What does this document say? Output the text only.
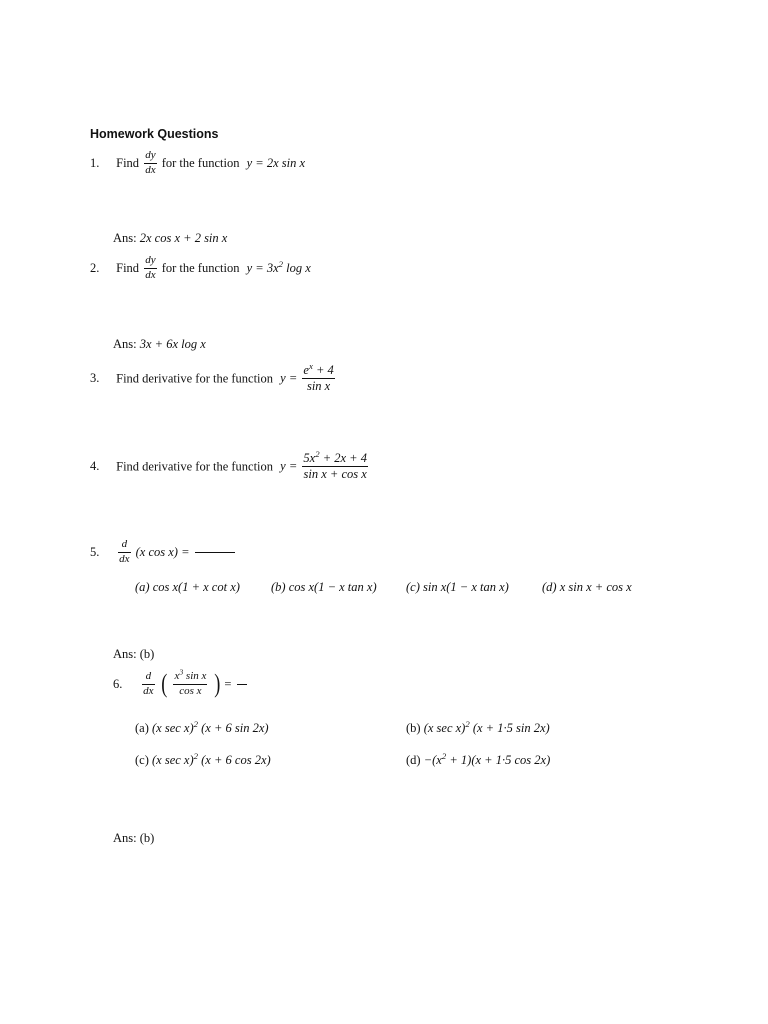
Homework Questions
1. Find $\frac{dy}{dx}$ for the function y = 2x sin x
Ans: 2x cos x + 2 sin x
2. Find $\frac{dy}{dx}$ for the function $y = 3x^2$ log x
Ans: 3x + 6x log x
3. Find derivative for the function $y = \frac{e^x + 4}{\text{sin x}}$
4. Find derivative for the function $y = \frac{5x^2 + 2x + 4}{\text{sin x + cos x}}$
5. $\frac{d}{dx} (x$ cos x) =
(a) cos x(1 + x cot x) (b) cos x(1 − x tan x) (c) sin x(1 − x tan x)	(d) x sin x + cos x
Ans: (b)
6. $\frac{d}{dx}$ ( $\frac{x^3 \sin x}{\text{cos x}}$ ) =
(a) (x sec x)$^2$ (x + 6 sin 2x)	(b) (x sec x)$^2$ (x + 1·5 sin 2x)
(c) (x sec x)$^2$ (x + 6 cos 2x)	$(d) -(x^2 + 1)(x + 1\cdot 5$ cos 2x)
Ans: (b)
